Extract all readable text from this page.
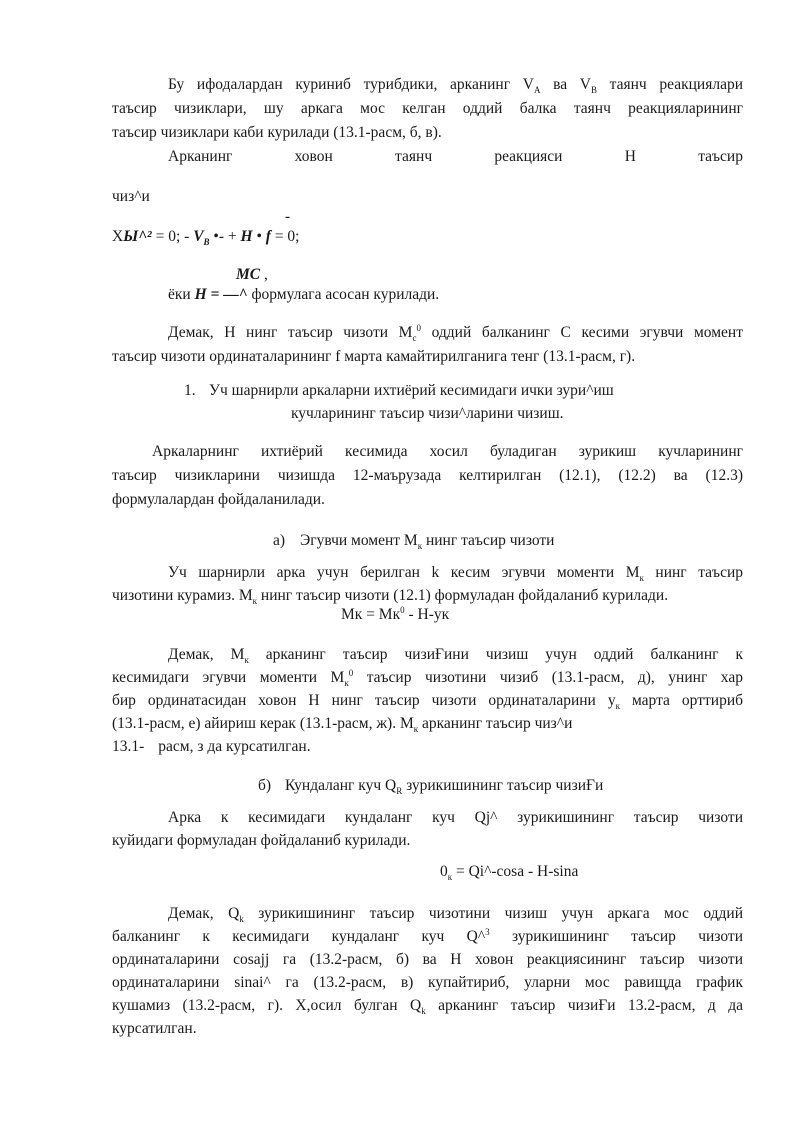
Бу ифодалардан куриниб турибдики, арканинг $V_A$ ва $V_B$ таянч реакциялари
таъсир чизиклари, шу аркага мос келган оддий балка таянч реакцияларининг
таъсир чизиклари каби курилади (13.1-расм, б, в).
Арканинг	ховон	таянч	реакцияси	Н	таъсир
чиз^и
-
ХЫ^² = 0; - $V_B$ •- + Н • f = 0;
МС ,
ёки Н = —^ формулага асосан курилади.
Демак, Н нинг таъсир чизоти $М_с^0$ оддий балканинг С кесими эгувчи момент
таъсир чизоти ординаталарининг f марта камайтирилганига тенг (13.1-расм, г).
1. Уч шарнирли аркаларни ихтиёрий кесимидаги ички зури^иш
кучларининг таъсир чизи^ларини чизиш.
Аркаларнинг ихтиёрий кесимида хосил буладиган зурикиш кучларининг
таъсир чизикларини чизишда 12-маърузада келтирилган (12.1), (12.2) ва (12.3)
формулалардан фойдаланилади.
а) Эгувчи момент $М_к$ нинг таъсир чизоти
Уч шарнирли арка учун берилган k кесим эгувчи моменти $М_к$ нинг таъсир
чизотини курамиз. $М_к$ нинг таъсир чизоти (12.1) формуладан фойдаланиб курилади.
Мк = $Мк^0 - Н-ук$
Демак, $М_к$ арканинг таъсир чизиҒини чизиш учун оддий балканинг к
кесимидаги эгувчи моменти $М_к^0$ таъсир чизотини чизиб (13.1-расм, д), унинг хар
бир ординатасидан ховон Н нинг таъсир чизоти ординаталарини $у_к$ марта орттириб
(13.1-расм, е) айириш керак (13.1-расм, ж). $М_к$ арканинг таъсир чиз^и
13.1- расм, з да курсатилган.
б) Кундаланг куч $Q_R$ зурикишининг таъсир чизиҒи
Арка к кесимидаги кундаланг куч Qj^ зурикишининг таъсир чизоти
куйидаги формуладан фойдаланиб курилади.
$0_к$ = Qi^-cosa - H-sina
Демак, $Q_k$ зурикишининг таъсир чизотини чизиш учун аркага мос оддий
балканинг к кесимидаги кундаланг куч Q^$^3$ зурикишининг таъсир чизоти
ординаталарини cosajj га (13.2-расм, б) ва Н ховон реакциясининг таъсир чизоти
ординаталарини sinai^ га (13.2-расм, в) купайтириб, уларни мос равищда график
кушамиз (13.2-расм, г). Х,осил булган $Q_k$ арканинг таъсир чизиҒи 13.2-расм, д да
курсатилган.
